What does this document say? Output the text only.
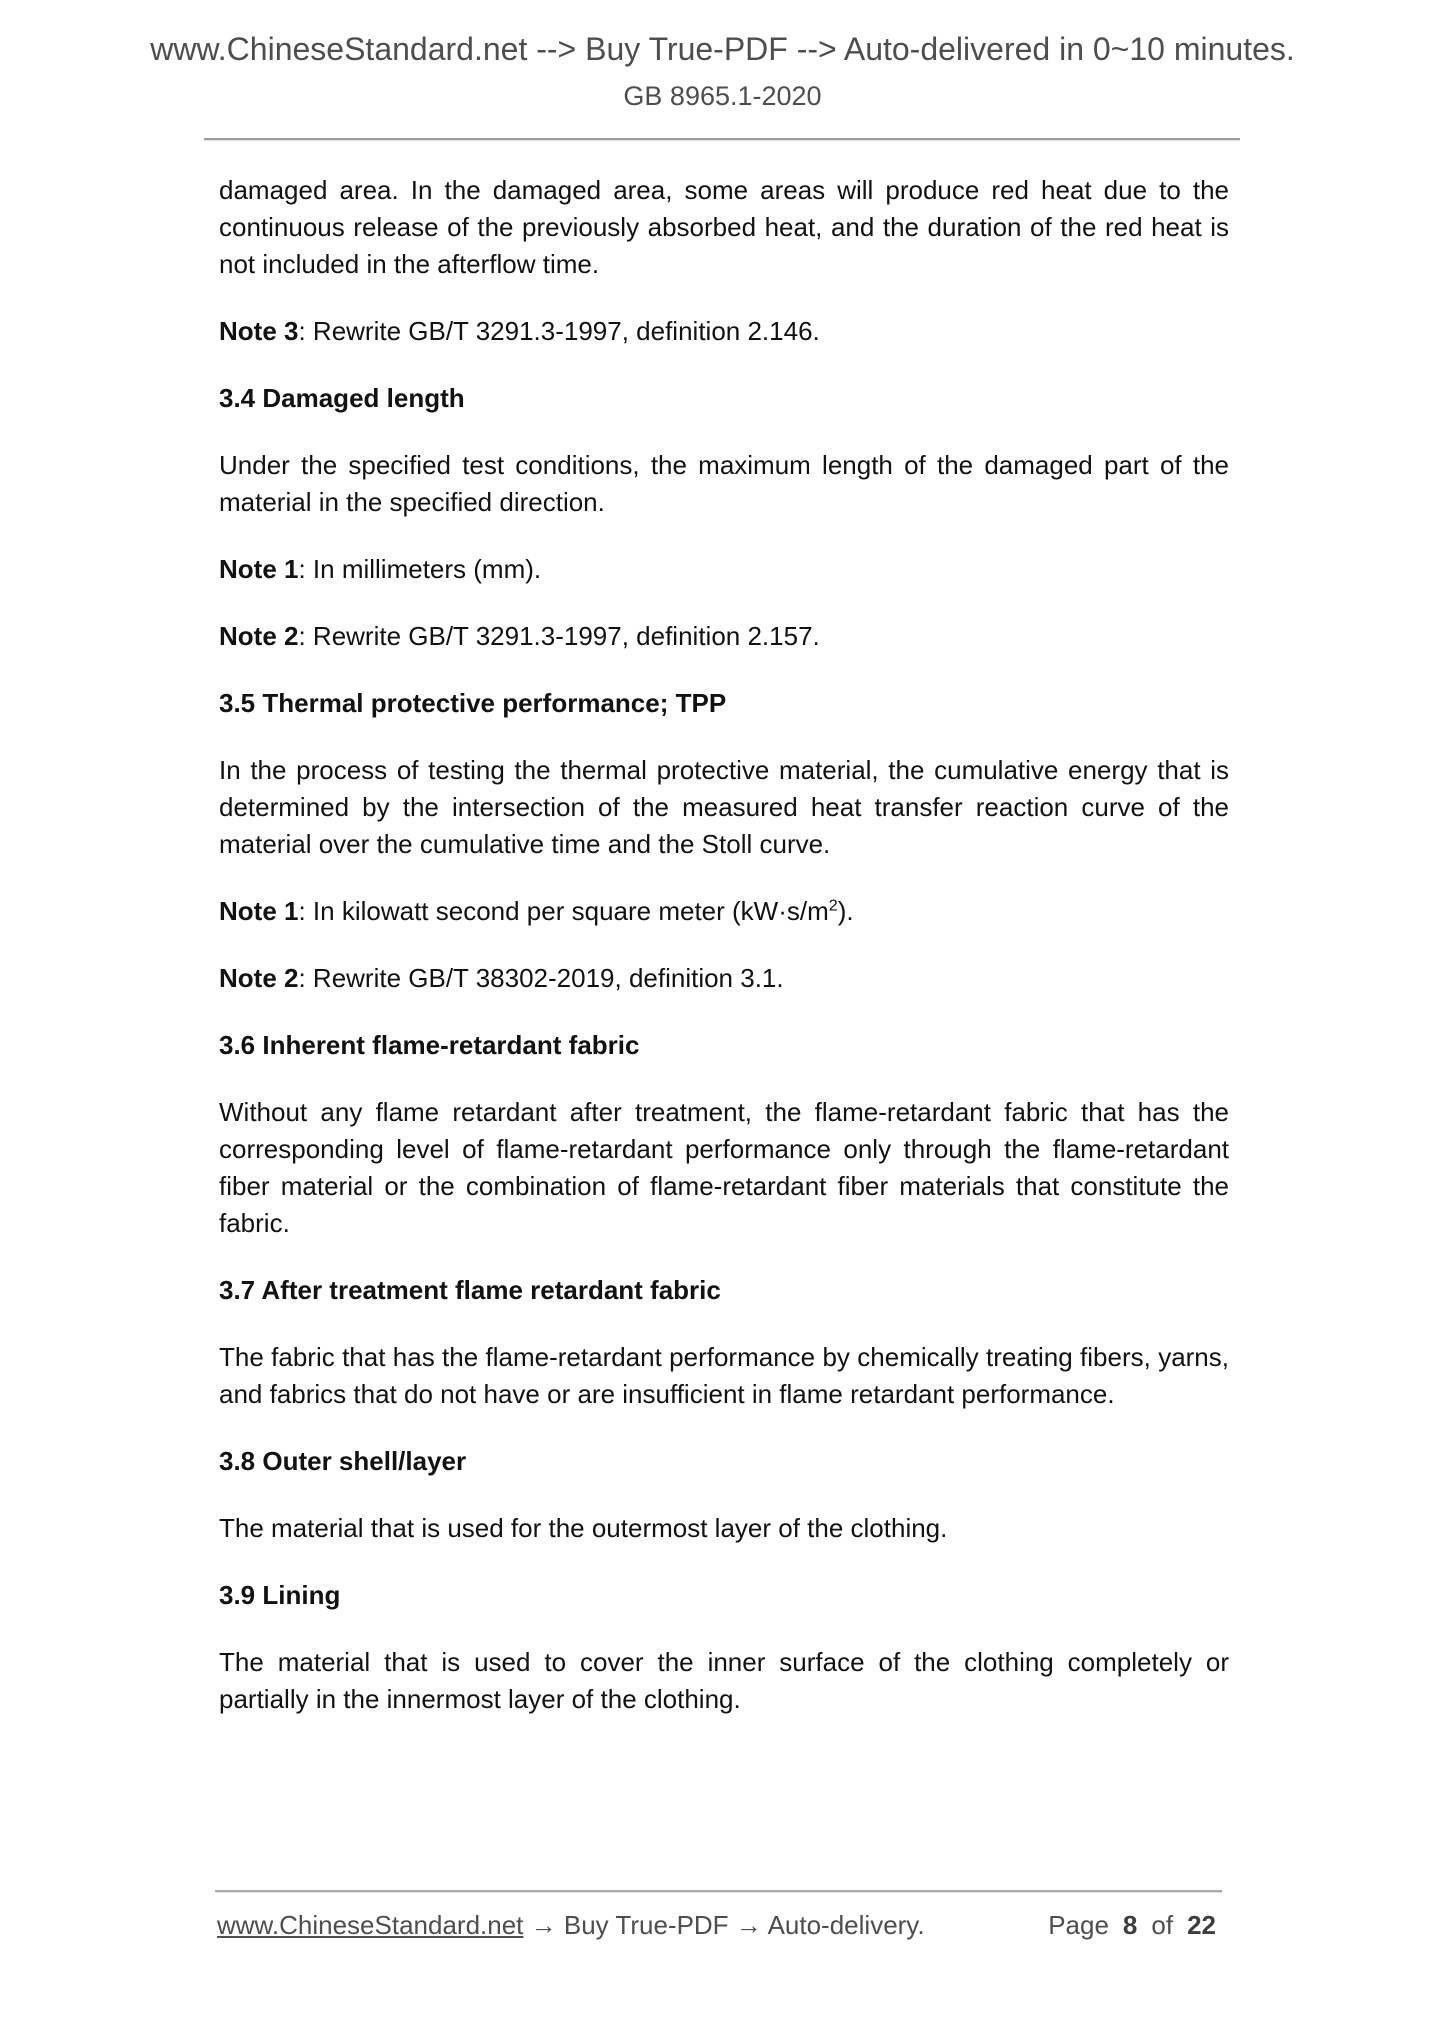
www.ChineseStandard.net --> Buy True-PDF --> Auto-delivered in 0~10 minutes.
GB 8965.1-2020

damaged area. In the damaged area, some areas will produce red heat due to the continuous release of the previously absorbed heat, and the duration of the red heat is not included in the afterflow time.

Note 3: Rewrite GB/T 3291.3-1997, definition 2.146.

3.4 Damaged length

Under the specified test conditions, the maximum length of the damaged part of the material in the specified direction.

Note 1: In millimeters (mm).

Note 2: Rewrite GB/T 3291.3-1997, definition 2.157.

3.5 Thermal protective performance; TPP

In the process of testing the thermal protective material, the cumulative energy that is determined by the intersection of the measured heat transfer reaction curve of the material over the cumulative time and the Stoll curve.

Note 1: In kilowatt second per square meter $(kW\cdot s/m^2)$.

Note 2: Rewrite GB/T 38302-2019, definition 3.1.

3.6 Inherent flame-retardant fabric

Without any flame retardant after treatment, the flame-retardant fabric that has the corresponding level of flame-retardant performance only through the flame-retardant fiber material or the combination of flame-retardant fiber materials that constitute the fabric.

3.7 After treatment flame retardant fabric

The fabric that has the flame-retardant performance by chemically treating fibers, yarns, and fabrics that do not have or are insufficient in flame retardant performance.

3.8 Outer shell/layer

The material that is used for the outermost layer of the clothing.

3.9 Lining

The material that is used to cover the inner surface of the clothing completely or partially in the innermost layer of the clothing.

www.ChineseStandard.net → Buy True-PDF → Auto-delivery.	Page 8 of 22
